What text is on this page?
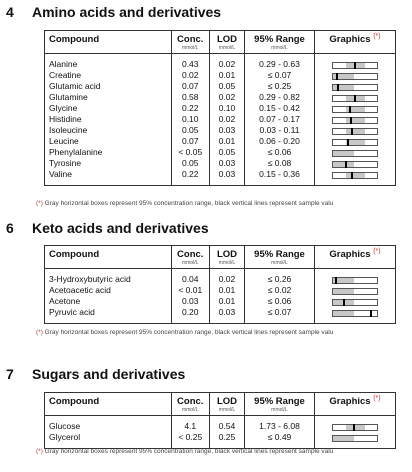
4 Amino acids and derivatives
Compound	Conc.	LOD	95% Range	Graphics (*)
	mmol/L	mmol/L	mmol/L	

Alanine	0.43	0.02	0.29 - 0.63	

Creatine	0.02	0.01	≤ 0.07	

Glutamic acid	0.07	0.05	≤ 0.25	

Glutamine	0.58	0.02	0.29 - 0.82	

Glycine	0.22	0.10	0.15 - 0.42	

Histidine	0.10	0.02	0.07 - 0.17	

Isoleucine	0.05	0.03	0.03 - 0.11	

Leucine	0.07	0.01	0.06 - 0.20	

Phenylalanine	< 0.05	0.05	≤ 0.06	

Tyrosine	0.05	0.03	≤ 0.08	

Valine	0.22	0.03	0.15 - 0.36	

(*) Gray horizontal boxes represent 95% concentration range, black vertical lines represent sample valu
6 Keto acids and derivatives
Compound	Conc.	LOD	95% Range	Graphics (*)
	mmol/L	mmol/L	mmol/L	

3-Hydroxybutyric acid	0.04	0.02	≤ 0.26	

Acetoacetic acid	< 0.01	0.01	≤ 0.02	

Acetone	0.03	0.01	≤ 0.06	

Pyruvic acid	0.20	0.03	≤ 0.07	

(*) Gray horizontal boxes represent 95% concentration range, black vertical lines represent sample valu
7 Sugars and derivatives
Compound	Conc.	LOD	95% Range	Graphics (*)
	mmol/L	mmol/L	mmol/L	

Glucose	4.1	0.54	1.73 - 6.08	

Glycerol	< 0.25	0.25	≤ 0.49	

(*) Gray horizontal boxes represent 95% concentration range, black vertical lines represent sample valu
